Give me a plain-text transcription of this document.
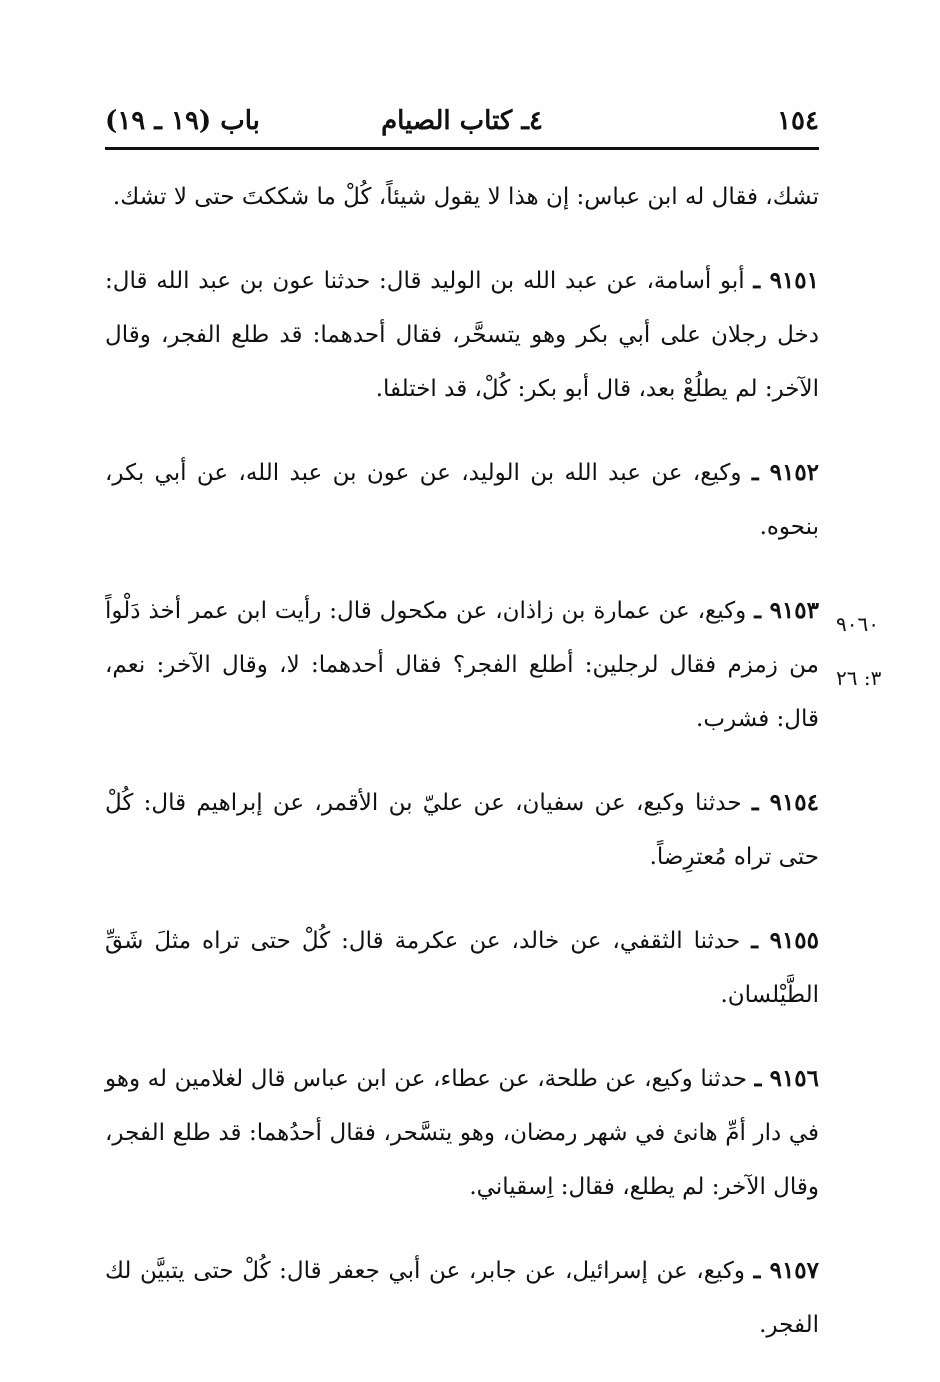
١٥٤
٤ـ كتاب الصيام
باب (١٩ ـ ١٩)

تشك، فقال له ابن عباس: إن هذا لا يقول شيئاً، كُلْ ما شككتَ حتى لا تشك.

٩١٥١ ـ أبو أسامة، عن عبد الله بن الوليد قال: حدثنا عون بن عبد الله قال: دخل رجلان على أبي بكر وهو يتسحَّر، فقال أحدهما: قد طلع الفجر، وقال الآخر: لم يطلُعْ بعد، قال أبو بكر: كُلْ، قد اختلفا.

٩١٥٢ ـ وكيع، عن عبد الله بن الوليد، عن عون بن عبد الله، عن أبي بكر، بنحوه.

٩١٥٣ ـ وكيع، عن عمارة بن زاذان، عن مكحول قال: رأيت ابن عمر أخذ دَلْواً من زمزم فقال لرجلين: أطلع الفجر؟ فقال أحدهما: لا، وقال الآخر: نعم، قال: فشرب.

٩١٥٤ ـ حدثنا وكيع، عن سفيان، عن عليّ بن الأقمر، عن إبراهيم قال: كُلْ حتى تراه مُعترِضاً.

٩١٥٥ ـ حدثنا الثقفي، عن خالد، عن عكرمة قال: كُلْ حتى تراه مثلَ شَقِّ الطَّيْلسان.

٩١٥٦ ـ حدثنا وكيع، عن طلحة، عن عطاء، عن ابن عباس قال لغلامين له وهو في دار أمِّ هانئ في شهر رمضان، وهو يتسَّحر، فقال أحدُهما: قد طلع الفجر، وقال الآخر: لم يطلع، فقال: اِسقياني.

٩١٥٧ ـ وكيع، عن إسرائيل، عن جابر، عن أبي جعفر قال: كُلْ حتى يتبيَّن لك الفجر.

٩٠٦٠
٣: ٢٦
